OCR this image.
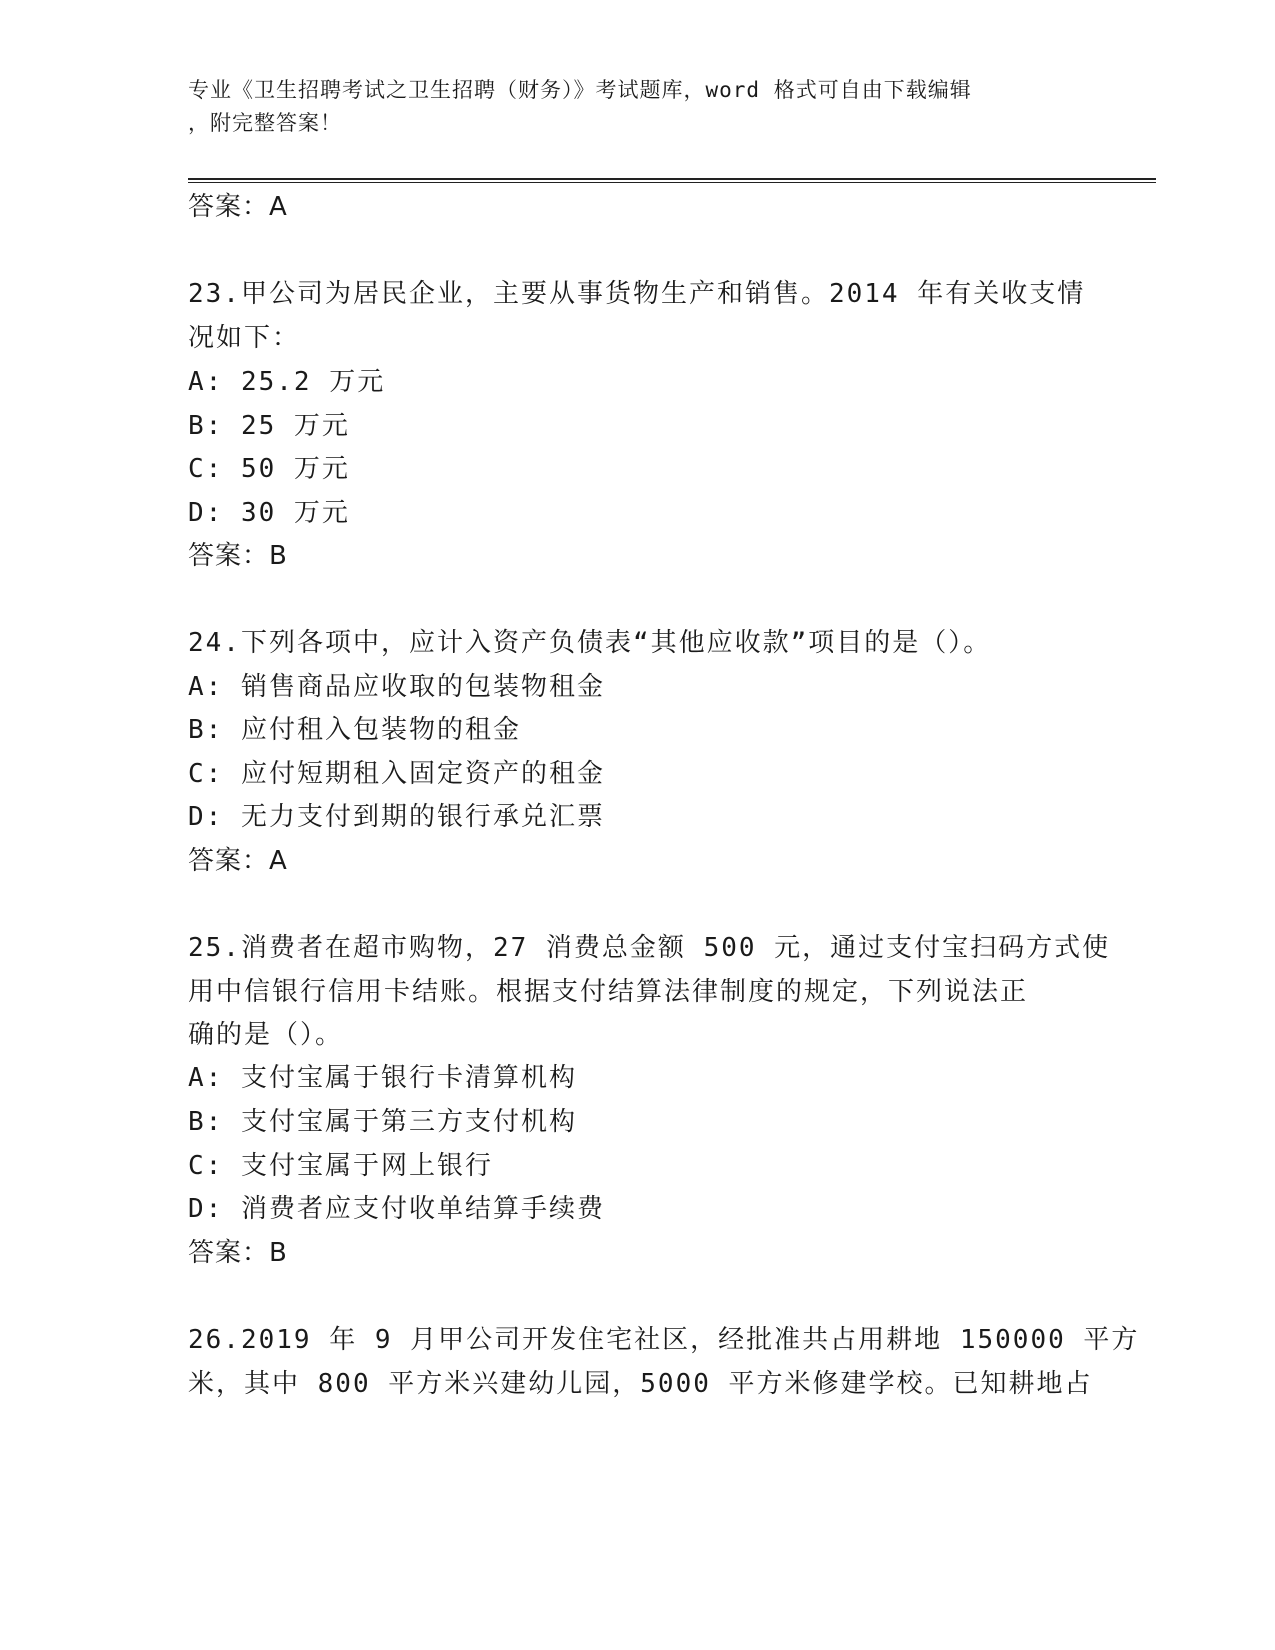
专业《卫生招聘考试之卫生招聘（财务）》考试题库，word 格式可自由下载编辑
，附完整答案！
答案：A
23.甲公司为居民企业，主要从事货物生产和销售。2014 年有关收支情
况如下：
A: 25.2 万元
B: 25 万元
C: 50 万元
D: 30 万元
答案：B
24.下列各项中，应计入资产负债表“其他应收款”项目的是（）。
A: 销售商品应收取的包装物租金
B: 应付租入包装物的租金
C: 应付短期租入固定资产的租金
D: 无力支付到期的银行承兑汇票
答案：A
25.消费者在超市购物，27 消费总金额 500 元，通过支付宝扫码方式使
用中信银行信用卡结账。根据支付结算法律制度的规定，下列说法正
确的是（）。
A: 支付宝属于银行卡清算机构
B: 支付宝属于第三方支付机构
C: 支付宝属于网上银行
D: 消费者应支付收单结算手续费
答案：B
26.2019 年 9 月甲公司开发住宅社区，经批准共占用耕地 150000 平方
米，其中 800 平方米兴建幼儿园，5000 平方米修建学校。已知耕地占
